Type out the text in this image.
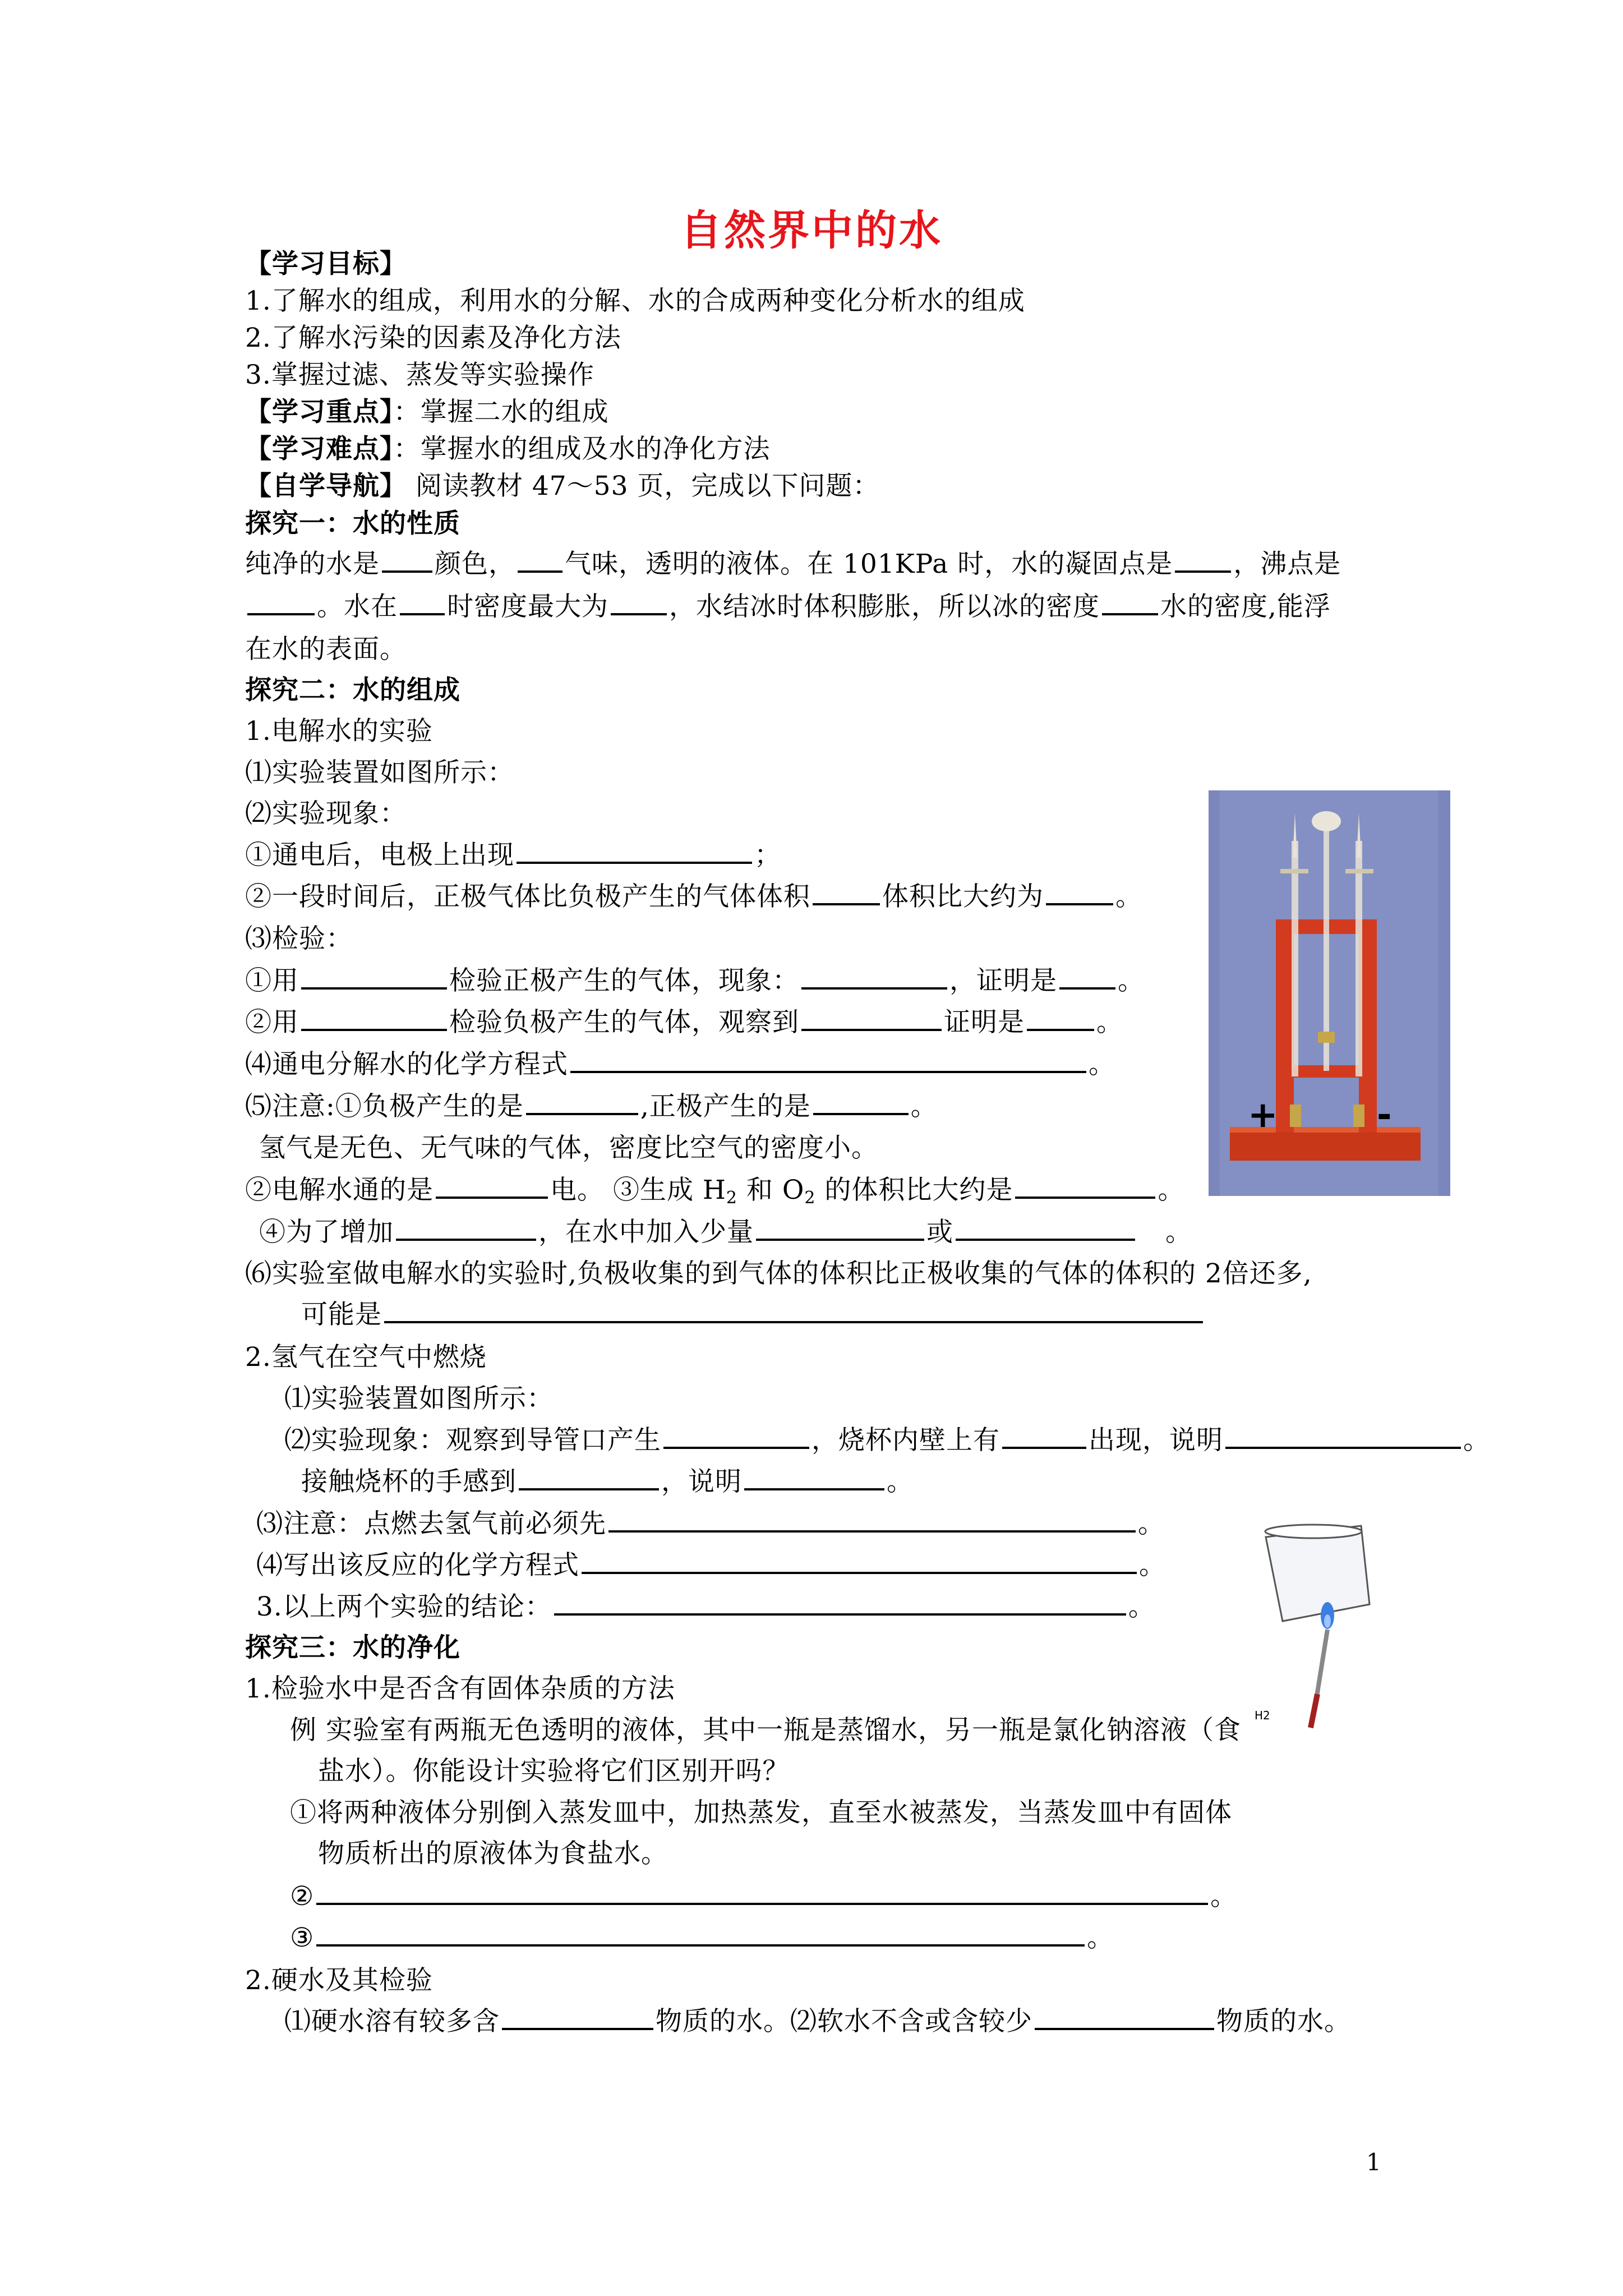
自然界中的水
【学习目标】
1.了解水的组成，利用水的分解、水的合成两种变化分析水的组成
2.了解水污染的因素及净化方法
3.掌握过滤、蒸发等实验操作
【学习重点】：掌握二水的组成
【学习难点】：掌握水的组成及水的净化方法
【自学导航】 阅读教材 47～53 页，完成以下问题：
探究一：水的性质
纯净的水是 颜色， 气味，透明的液体。在 101KPa 时，水的凝固点是 ，沸点是
。水在 时密度最大为 ，水结冰时体积膨胀，所以冰的密度 水的密度,能浮
在水的表面。
探究二：水的组成
1.电解水的实验
⑴实验装置如图所示：
⑵实验现象：
①通电后，电极上出现	；
②一段时间后，正极气体比负极产生的气体体积	体积比大约为	。
⑶检验：
①用	检验正极产生的气体，现象：	，证明是 。
②用	检验负极产生的气体，观察到	证明是	。
⑷通电分解水的化学方程式	。
⑸注意:①负极产生的是	,正极产生的是	。
氢气是无色、无气味的气体，密度比空气的密度小。
②电解水通的是	电。 ③生成 $H_2$ 和 $O_2$ 的体积比大约是	。
④为了增加	，在水中加入少量	或	。
⑹实验室做电解水的实验时,负极收集的到气体的体积比正极收集的气体的体积的 2倍还多,
可能是
2.氢气在空气中燃烧
⑴实验装置如图所示：
⑵实验现象：观察到导管口产生	，烧杯内壁上有	出现，说明	。
接触烧杯的手感到	，说明	。
⑶注意：点燃去氢气前必须先	。
⑷写出该反应的化学方程式	。
3.以上两个实验的结论：	。
探究三：水的净化
1.检验水中是否含有固体杂质的方法
例 实验室有两瓶无色透明的液体，其中一瓶是蒸馏水，另一瓶是氯化钠溶液（食
盐水）。你能设计实验将它们区别开吗？
①将两种液体分别倒入蒸发皿中，加热蒸发，直至水被蒸发，当蒸发皿中有固体
物质析出的原液体为食盐水。
②	。
③	。
2.硬水及其检验
⑴硬水溶有较多含	物质的水。⑵软水不含或含较少	物质的水。
+	-
H2
1
